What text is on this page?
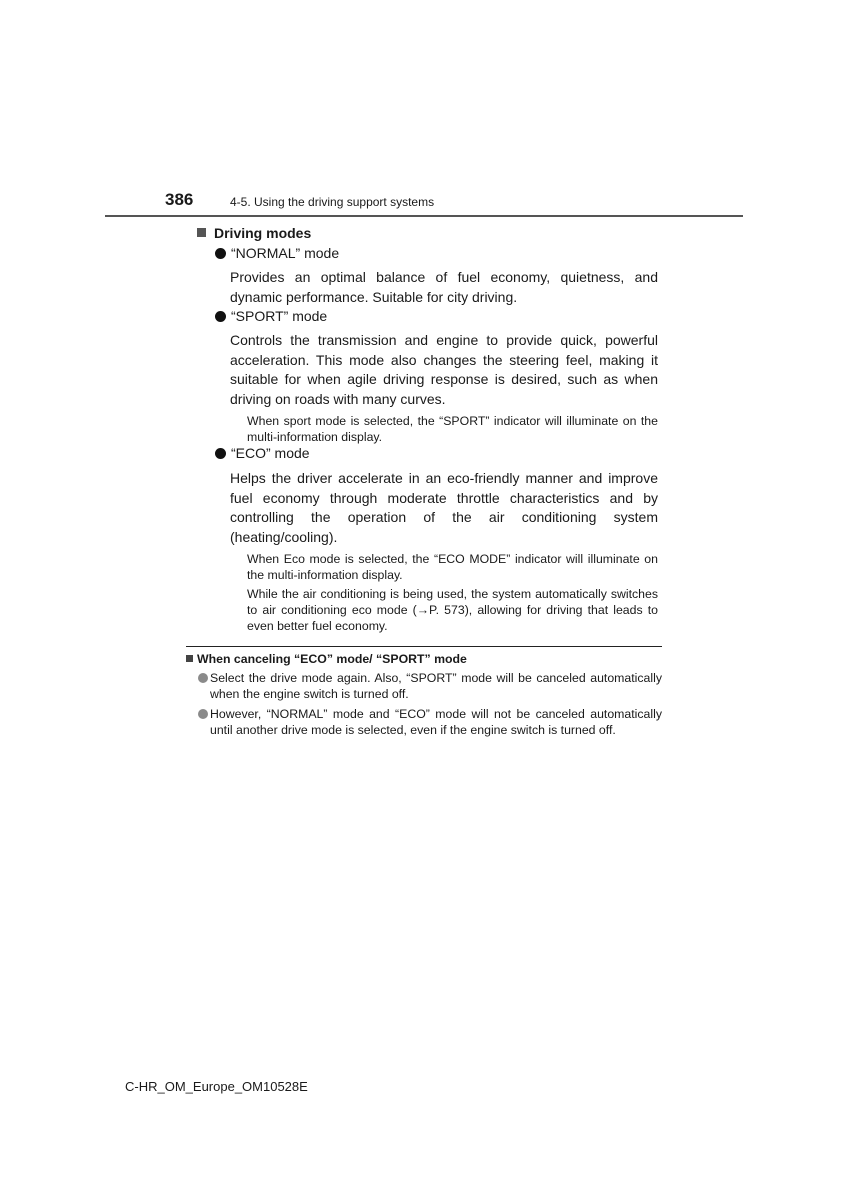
386	4-5. Using the driving support systems
Driving modes
“NORMAL” mode
Provides an optimal balance of fuel economy, quietness, and dynamic performance. Suitable for city driving.
“SPORT” mode
Controls the transmission and engine to provide quick, powerful acceleration. This mode also changes the steering feel, making it suitable for when agile driving response is desired, such as when driving on roads with many curves.
When sport mode is selected, the “SPORT” indicator will illuminate on the multi-information display.
“ECO” mode
Helps the driver accelerate in an eco-friendly manner and improve fuel economy through moderate throttle characteristics and by controlling the operation of the air conditioning system (heating/cooling).
When Eco mode is selected, the “ECO MODE” indicator will illuminate on the multi-information display.
While the air conditioning is being used, the system automatically switches to air conditioning eco mode (→P. 573), allowing for driving that leads to even better fuel economy.
When canceling “ECO” mode/ “SPORT” mode
Select the drive mode again. Also, “SPORT” mode will be canceled automatically when the engine switch is turned off.
However, “NORMAL” mode and “ECO” mode will not be canceled automatically until another drive mode is selected, even if the engine switch is turned off.
C-HR_OM_Europe_OM10528E
